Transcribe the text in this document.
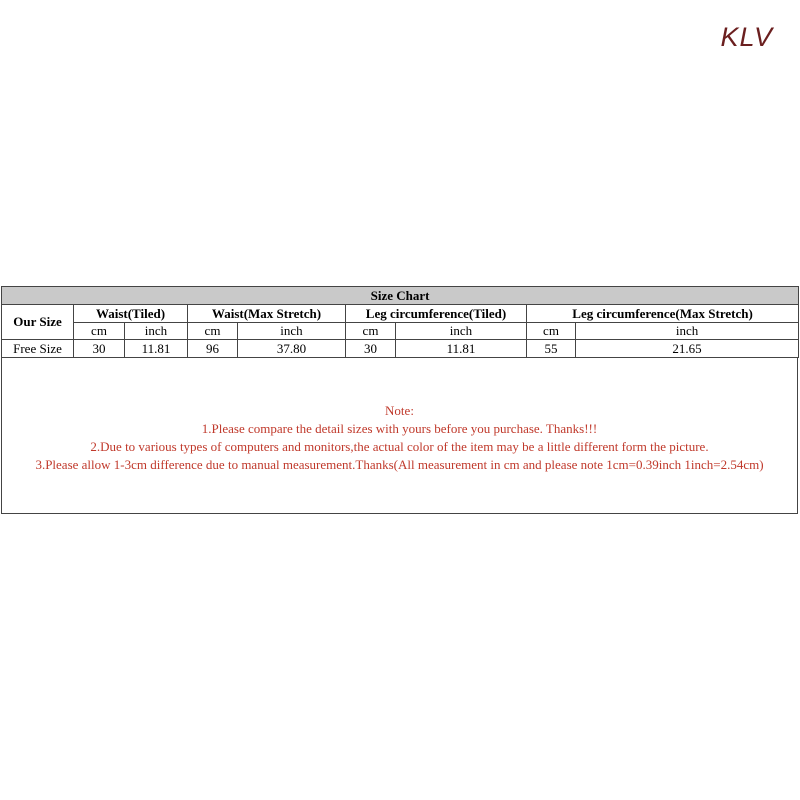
KLV
Size Chart								
Our Size	Waist(Tiled)		Waist(Max Stretch)		Leg circumference(Tiled)		Leg circumference(Max Stretch)	
	cm	inch	cm	inch	cm	inch	cm	inch
Free Size	30	11.81	96	37.80	30	11.81	55	21.65
Note:
1.Please compare the detail sizes with yours before you purchase. Thanks!!!
2.Due to various types of computers and monitors,the actual color of the item may be a little different form the picture.
3.Please allow 1-3cm difference due to manual measurement.Thanks(All measurement in cm and please note 1cm=0.39inch 1inch=2.54cm)
